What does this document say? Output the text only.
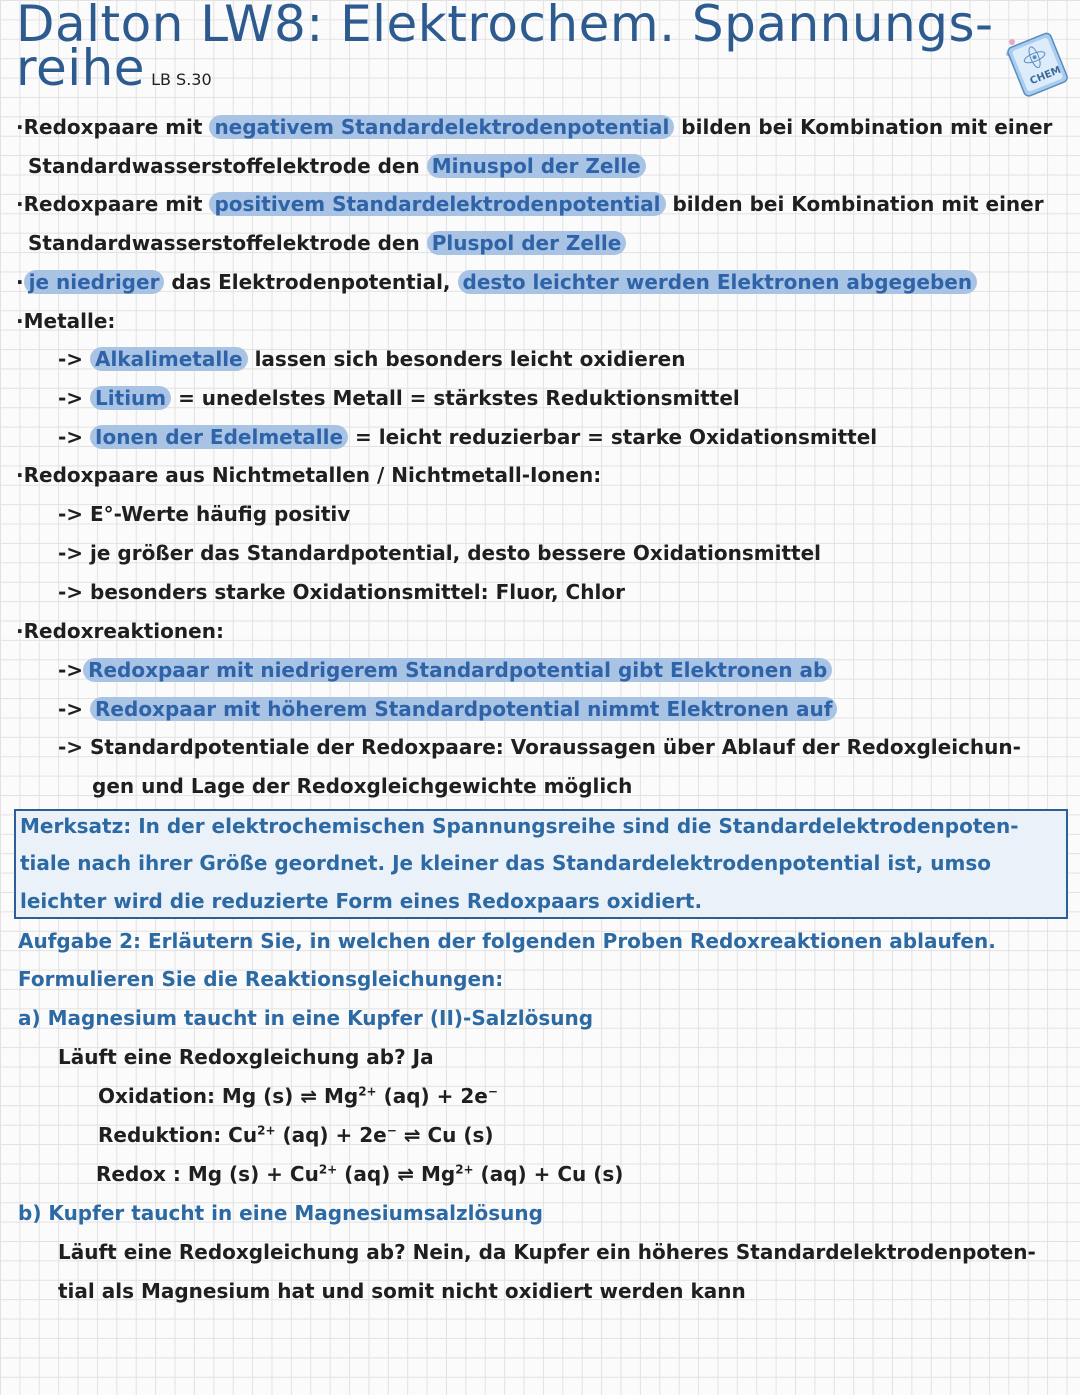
Dalton LW8: Elektrochem. Spannungs-
reihe LB S.30	CHEM
·Redoxpaare mit negativem Standardelektrodenpotential bilden bei Kombination mit einer
Standardwasserstoffelektrode den Minuspol der Zelle
·Redoxpaare mit positivem Standardelektrodenpotential bilden bei Kombination mit einer
Standardwasserstoffelektrode den Pluspol der Zelle
· je niedriger das Elektrodenpotential, desto leichter werden Elektronen abgegeben
·Metalle:
-> Alkalimetalle lassen sich besonders leicht oxidieren
-> Litium = unedelstes Metall = stärkstes Reduktionsmittel
-> Ionen der Edelmetalle = leicht reduzierbar = starke Oxidationsmittel
·Redoxpaare aus Nichtmetallen / Nichtmetall-Ionen:
-> E°-Werte häufig positiv
-> je größer das Standardpotential, desto bessere Oxidationsmittel
-> besonders starke Oxidationsmittel: Fluor, Chlor
·Redoxreaktionen:
-> Redoxpaar mit niedrigerem Standardpotential gibt Elektronen ab
-> Redoxpaar mit höherem Standardpotential nimmt Elektronen auf
-> Standardpotentiale der Redoxpaare: Voraussagen über Ablauf der Redoxgleichun-
gen und Lage der Redoxgleichgewichte möglich
Merksatz: In der elektrochemischen Spannungsreihe sind die Standardelektrodenpoten-
tiale nach ihrer Größe geordnet. Je kleiner das Standardelektrodenpotential ist, umso
leichter wird die reduzierte Form eines Redoxpaars oxidiert.
Aufgabe 2: Erläutern Sie, in welchen der folgenden Proben Redoxreaktionen ablaufen.
Formulieren Sie die Reaktionsgleichungen:
a) Magnesium taucht in eine Kupfer (II)-Salzlösung
Läuft eine Redoxgleichung ab? Ja
Oxidation: Mg (s) ⇌ $Mg^{2+}$ (aq) + 2e−
Reduktion: $Cu^{2+}$ (aq) + 2e− ⇌ Cu (s)
Redox : Mg $(s) + Cu^{2+}$ (aq) ⇌ $Mg^{2+}$ (aq) + Cu (s)
b) Kupfer taucht in eine Magnesiumsalzlösung
Läuft eine Redoxgleichung ab? Nein, da Kupfer ein höheres Standardelektrodenpoten-
tial als Magnesium hat und somit nicht oxidiert werden kann
